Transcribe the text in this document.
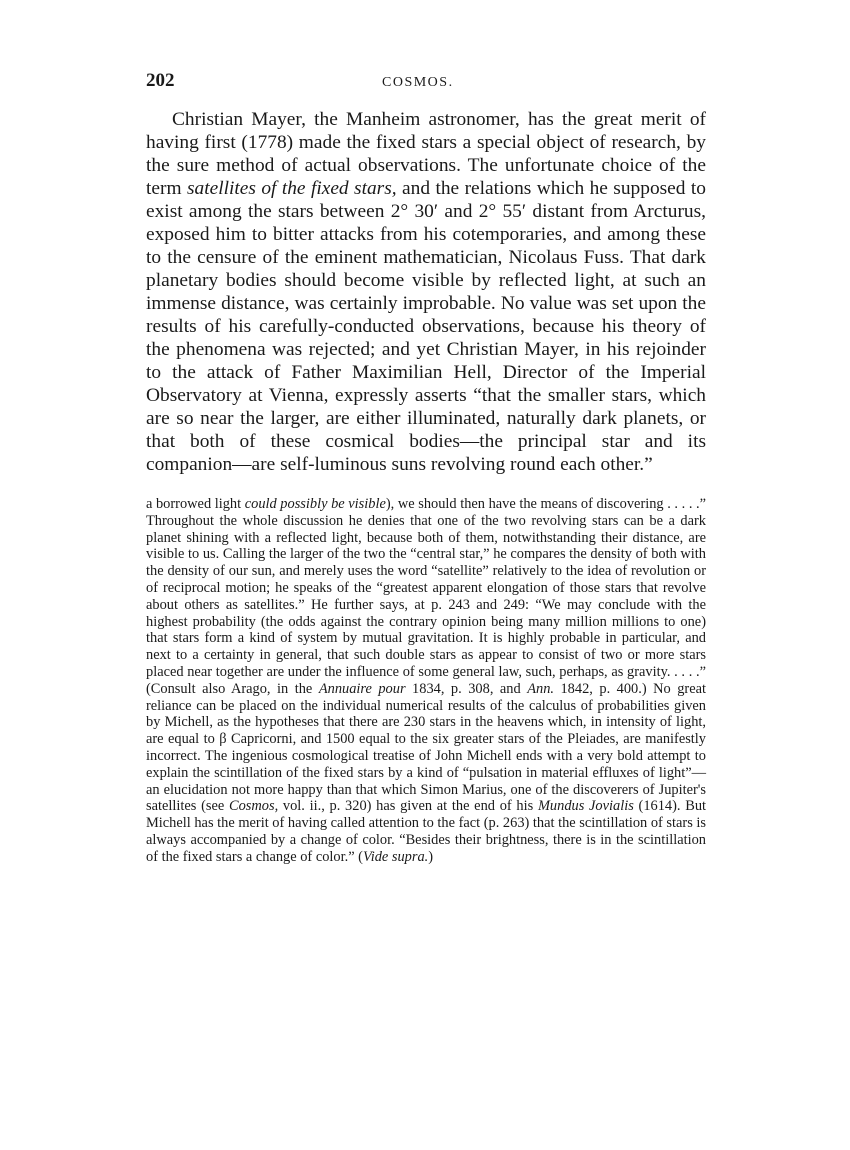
202	COSMOS.

Christian Mayer, the Manheim astronomer, has the great merit of having first (1778) made the fixed stars a special object of research, by the sure method of actual observations. The unfortunate choice of the term satellites of the fixed stars, and the relations which he supposed to exist among the stars between 2° 30′ and 2° 55′ distant from Arcturus, exposed him to bitter attacks from his cotemporaries, and among these to the censure of the eminent mathematician, Nicolaus Fuss. That dark planetary bodies should become visible by reflected light, at such an immense distance, was certainly improbable. No value was set upon the results of his carefully-conducted observations, because his theory of the phenomena was rejected; and yet Christian Mayer, in his rejoinder to the attack of Father Maximilian Hell, Director of the Imperial Observatory at Vienna, expressly asserts “that the smaller stars, which are so near the larger, are either illuminated, naturally dark planets, or that both of these cosmical bodies—the principal star and its companion—are self-luminous suns revolving round each other.”

a borrowed light could possibly be visible), we should then have the means of discovering . . . . .” Throughout the whole discussion he denies that one of the two revolving stars can be a dark planet shining with a reflected light, because both of them, notwithstanding their distance, are visible to us. Calling the larger of the two the “central star,” he compares the density of both with the density of our sun, and merely uses the word “satellite” relatively to the idea of revolution or of reciprocal motion; he speaks of the “greatest apparent elongation of those stars that revolve about others as satellites.” He further says, at p. 243 and 249: “We may conclude with the highest probability (the odds against the contrary opinion being many million millions to one) that stars form a kind of system by mutual gravitation. It is highly probable in particular, and next to a certainty in general, that such double stars as appear to consist of two or more stars placed near together are under the influence of some general law, such, perhaps, as gravity. . . . .” (Consult also Arago, in the Annuaire pour 1834, p. 308, and Ann. 1842, p. 400.) No great reliance can be placed on the individual numerical results of the calculus of probabilities given by Michell, as the hypotheses that there are 230 stars in the heavens which, in intensity of light, are equal to β Capricorni, and 1500 equal to the six greater stars of the Pleiades, are manifestly incorrect. The ingenious cosmological treatise of John Michell ends with a very bold attempt to explain the scintillation of the fixed stars by a kind of “pulsation in material effluxes of light”—an elucidation not more happy than that which Simon Marius, one of the discoverers of Jupiter's satellites (see Cosmos, vol. ii., p. 320) has given at the end of his Mundus Jovialis (1614). But Michell has the merit of having called attention to the fact (p. 263) that the scintillation of stars is always accompanied by a change of color. “Besides their brightness, there is in the scintillation of the fixed stars a change of color.” (Vide supra.)
